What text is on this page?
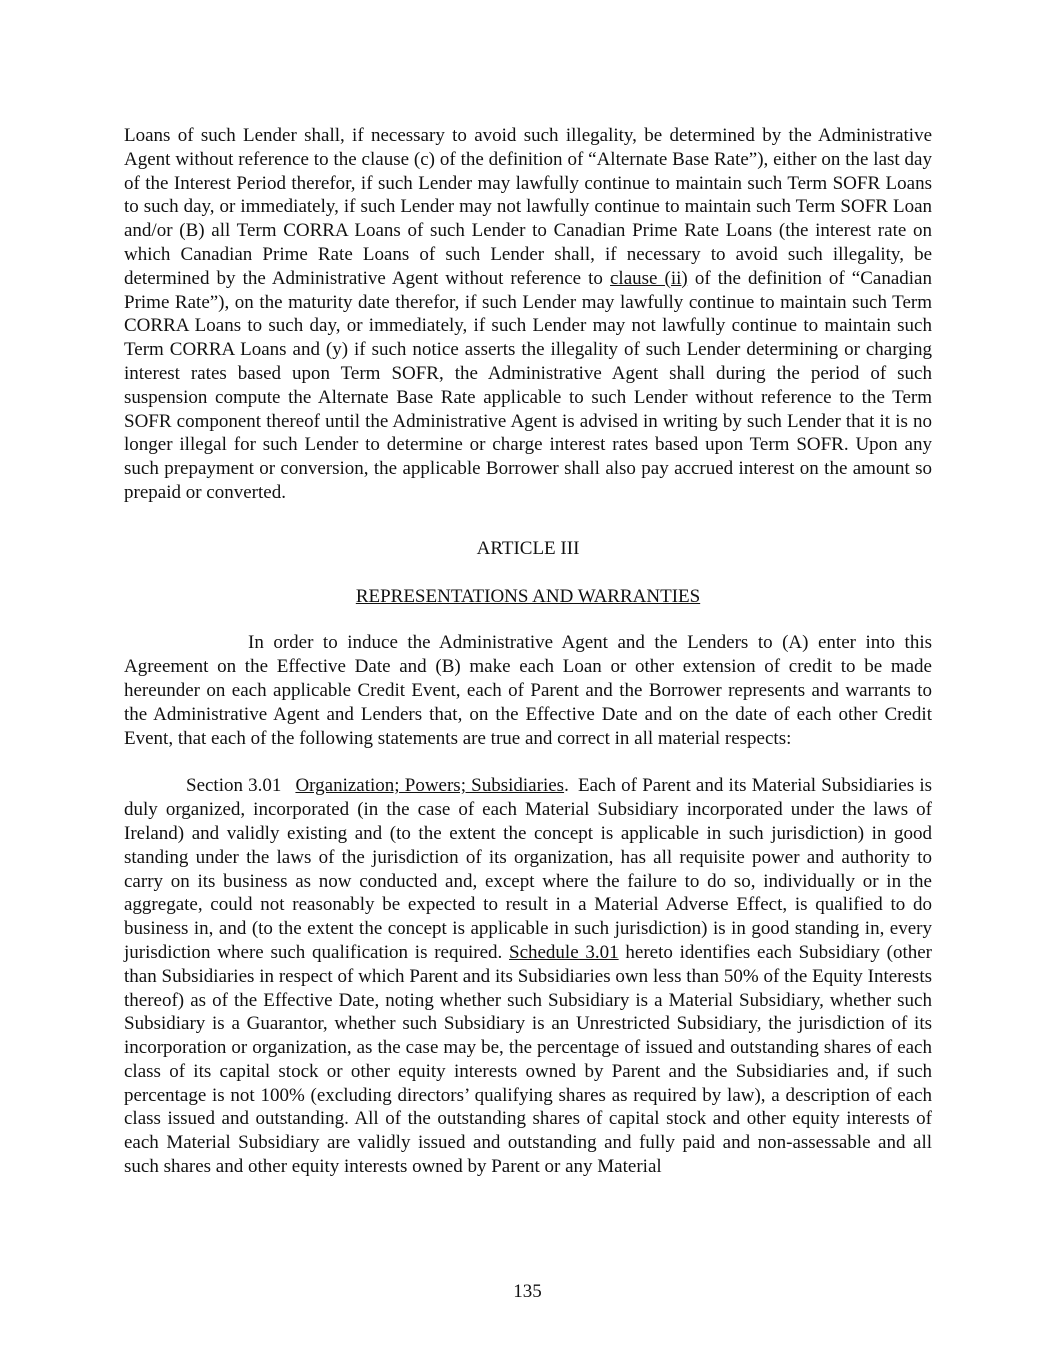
Loans of such Lender shall, if necessary to avoid such illegality, be determined by the Administrative Agent without reference to the clause (c) of the definition of “Alternate Base Rate”), either on the last day of the Interest Period therefor, if such Lender may lawfully continue to maintain such Term SOFR Loans to such day, or immediately, if such Lender may not lawfully continue to maintain such Term SOFR Loan and/or (B) all Term CORRA Loans of such Lender to Canadian Prime Rate Loans (the interest rate on which Canadian Prime Rate Loans of such Lender shall, if necessary to avoid such illegality, be determined by the Administrative Agent without reference to clause (ii) of the definition of “Canadian Prime Rate”), on the maturity date therefor, if such Lender may lawfully continue to maintain such Term CORRA Loans to such day, or immediately, if such Lender may not lawfully continue to maintain such Term CORRA Loans and (y) if such notice asserts the illegality of such Lender determining or charging interest rates based upon Term SOFR, the Administrative Agent shall during the period of such suspension compute the Alternate Base Rate applicable to such Lender without reference to the Term SOFR component thereof until the Administrative Agent is advised in writing by such Lender that it is no longer illegal for such Lender to determine or charge interest rates based upon Term SOFR. Upon any such prepayment or conversion, the applicable Borrower shall also pay accrued interest on the amount so prepaid or converted.

ARTICLE III

REPRESENTATIONS AND WARRANTIES

In order to induce the Administrative Agent and the Lenders to (A) enter into this Agreement on the Effective Date and (B) make each Loan or other extension of credit to be made hereunder on each applicable Credit Event, each of Parent and the Borrower represents and warrants to the Administrative Agent and Lenders that, on the Effective Date and on the date of each other Credit Event, that each of the following statements are true and correct in all material respects:

Section 3.01 Organization; Powers; Subsidiaries. Each of Parent and its Material Subsidiaries is duly organized, incorporated (in the case of each Material Subsidiary incorporated under the laws of Ireland) and validly existing and (to the extent the concept is applicable in such jurisdiction) in good standing under the laws of the jurisdiction of its organization, has all requisite power and authority to carry on its business as now conducted and, except where the failure to do so, individually or in the aggregate, could not reasonably be expected to result in a Material Adverse Effect, is qualified to do business in, and (to the extent the concept is applicable in such jurisdiction) is in good standing in, every jurisdiction where such qualification is required. Schedule 3.01 hereto identifies each Subsidiary (other than Subsidiaries in respect of which Parent and its Subsidiaries own less than 50% of the Equity Interests thereof) as of the Effective Date, noting whether such Subsidiary is a Material Subsidiary, whether such Subsidiary is a Guarantor, whether such Subsidiary is an Unrestricted Subsidiary, the jurisdiction of its incorporation or organization, as the case may be, the percentage of issued and outstanding shares of each class of its capital stock or other equity interests owned by Parent and the Subsidiaries and, if such percentage is not 100% (excluding directors’ qualifying shares as required by law), a description of each class issued and outstanding. All of the outstanding shares of capital stock and other equity interests of each Material Subsidiary are validly issued and outstanding and fully paid and non-assessable and all such shares and other equity interests owned by Parent or any Material

135
